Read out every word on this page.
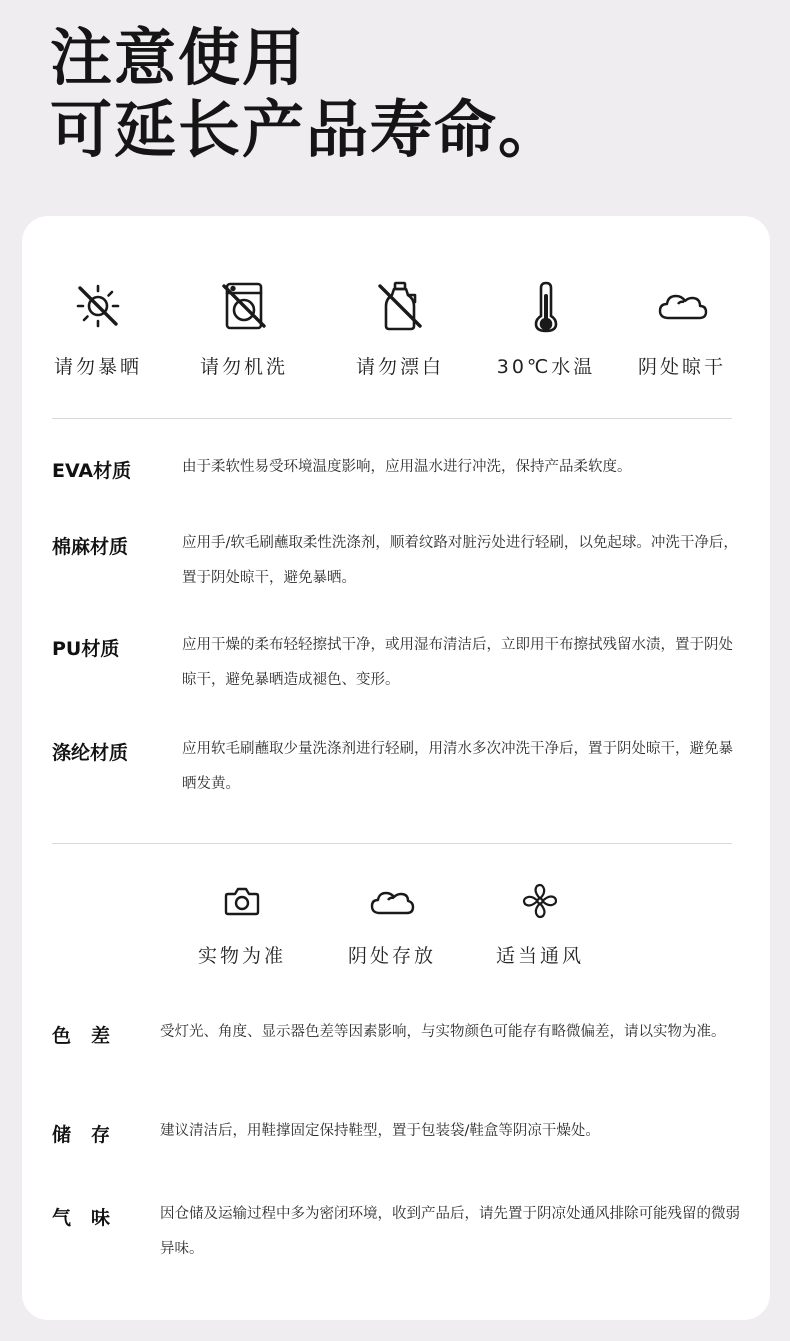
注意使用
可延长产品寿命。
请勿暴晒	请勿机洗	请勿漂白	30℃水温	阴处晾干
EVA材质	由于柔软性易受环境温度影响，应用温水进行冲洗，保持产品柔软度。
棉麻材质	应用手/软毛刷蘸取柔性洗涤剂，顺着纹路对脏污处进行轻刷，以免起球。冲洗干净后，置于阴处晾干，避免暴晒。
PU材质	应用干燥的柔布轻轻擦拭干净，或用湿布清洁后，立即用干布擦拭残留水渍，置于阴处晾干，避免暴晒造成褪色、变形。
涤纶材质	应用软毛刷蘸取少量洗涤剂进行轻刷，用清水多次冲洗干净后，置于阴处晾干，避免暴晒发黄。
实物为准	阴处存放	适当通风
色差 受灯光、角度、显示器色差等因素影响，与实物颜色可能存有略微偏差，请以实物为准。
储存 建议清洁后，用鞋撑固定保持鞋型，置于包装袋/鞋盒等阴凉干燥处。
气味 因仓储及运输过程中多为密闭环境，收到产品后，请先置于阴凉处通风排除可能残留的微弱异味。
